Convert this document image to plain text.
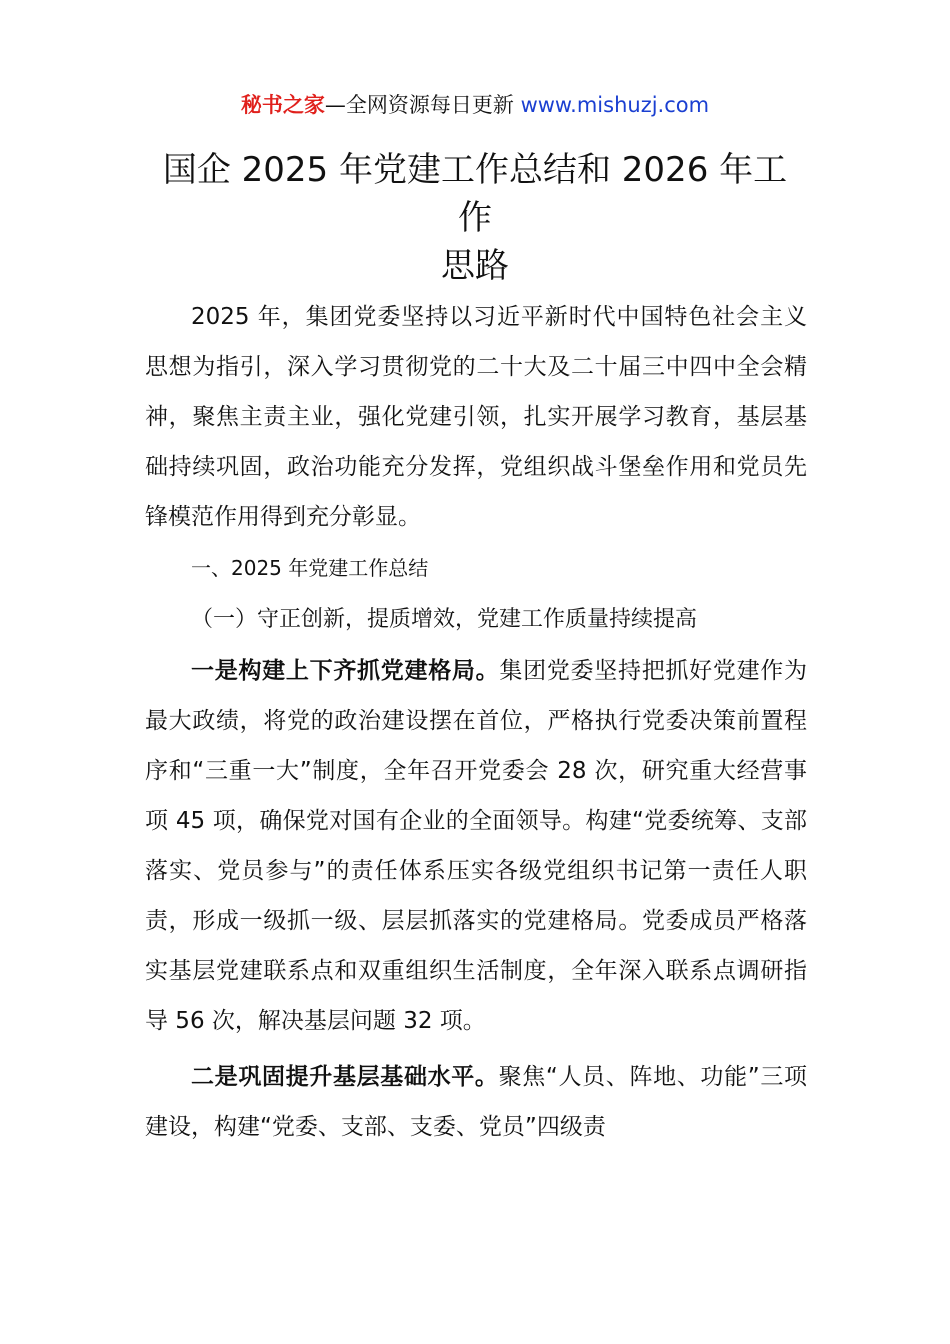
秘书之家—全网资源每日更新 www.mishuzj.com
国企 2025 年党建工作总结和 2026 年工
作
思路

2025 年，集团党委坚持以习近平新时代中国特色社会主义思想为指引，深入学习贯彻党的二十大及二十届三中四中全会精神，聚焦主责主业，强化党建引领，扎实开展学习教育，基层基础持续巩固，政治功能充分发挥，党组织战斗堡垒作用和党员先锋模范作用得到充分彰显。

一、2025 年党建工作总结

（一）守正创新，提质增效，党建工作质量持续提高

一是构建上下齐抓党建格局。集团党委坚持把抓好党建作为最大政绩，将党的政治建设摆在首位，严格执行党委决策前置程序和“三重一大”制度，全年召开党委会 28 次，研究重大经营事项 45 项，确保党对国有企业的全面领导。构建“党委统筹、支部落实、党员参与”的责任体系压实各级党组织书记第一责任人职责，形成一级抓一级、层层抓落实的党建格局。党委成员严格落实基层党建联系点和双重组织生活制度，全年深入联系点调研指导 56 次，解决基层问题 32 项。

二是巩固提升基层基础水平。聚焦“人员、阵地、功能”三项建设，构建“党委、支部、支委、党员”四级责
